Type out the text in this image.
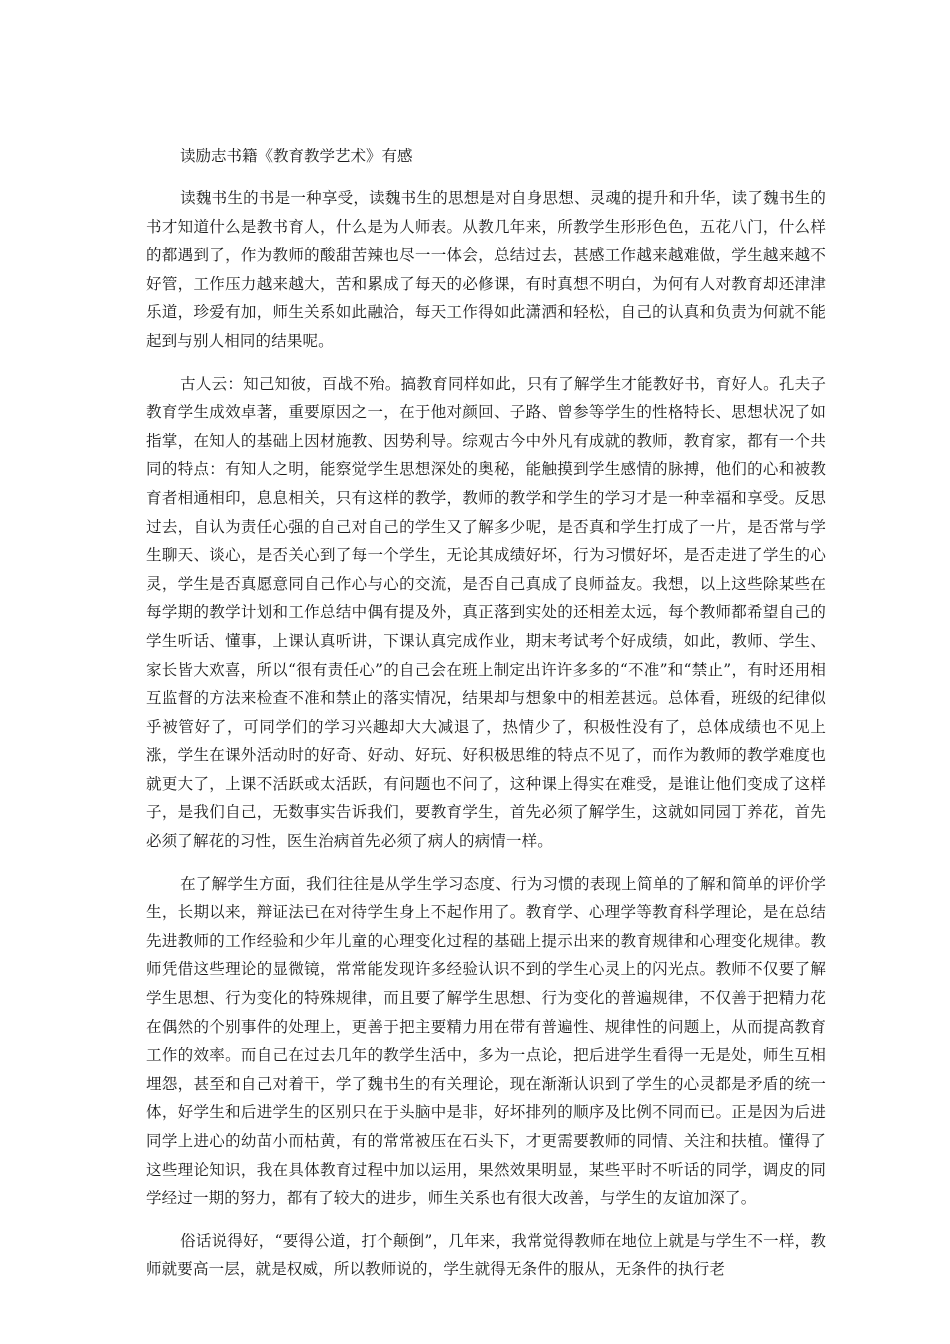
读励志书籍《教育教学艺术》有感

读魏书生的书是一种享受，读魏书生的思想是对自身思想、灵魂的提升和升华，读了魏书生的书才知道什么是教书育人，什么是为人师表。从教几年来，所教学生形形色色，五花八门，什么样的都遇到了，作为教师的酸甜苦辣也尽一一体会，总结过去，甚感工作越来越难做，学生越来越不好管，工作压力越来越大，苦和累成了每天的必修课，有时真想不明白，为何有人对教育却还津津乐道，珍爱有加，师生关系如此融洽，每天工作得如此潇洒和轻松，自己的认真和负责为何就不能起到与别人相同的结果呢。

古人云：知己知彼，百战不殆。搞教育同样如此，只有了解学生才能教好书，育好人。孔夫子教育学生成效卓著，重要原因之一，在于他对颜回、子路、曾参等学生的性格特长、思想状况了如指掌，在知人的基础上因材施教、因势利导。综观古今中外凡有成就的教师，教育家，都有一个共同的特点：有知人之明，能察觉学生思想深处的奥秘，能触摸到学生感情的脉搏，他们的心和被教育者相通相印，息息相关，只有这样的教学，教师的教学和学生的学习才是一种幸福和享受。反思过去，自认为责任心强的自己对自己的学生又了解多少呢，是否真和学生打成了一片，是否常与学生聊天、谈心，是否关心到了每一个学生，无论其成绩好坏，行为习惯好坏，是否走进了学生的心灵，学生是否真愿意同自己作心与心的交流，是否自己真成了良师益友。我想，以上这些除某些在每学期的教学计划和工作总结中偶有提及外，真正落到实处的还相差太远，每个教师都希望自己的学生听话、懂事，上课认真听讲，下课认真完成作业，期末考试考个好成绩，如此，教师、学生、家长皆大欢喜，所以“很有责任心”的自己会在班上制定出许许多多的“不准”和“禁止”，有时还用相互监督的方法来检查不准和禁止的落实情况，结果却与想象中的相差甚远。总体看，班级的纪律似乎被管好了，可同学们的学习兴趣却大大减退了，热情少了，积极性没有了，总体成绩也不见上涨，学生在课外活动时的好奇、好动、好玩、好积极思维的特点不见了，而作为教师的教学难度也就更大了，上课不活跃或太活跃，有问题也不问了，这种课上得实在难受，是谁让他们变成了这样子，是我们自己，无数事实告诉我们，要教育学生，首先必须了解学生，这就如同园丁养花，首先必须了解花的习性，医生治病首先必须了病人的病情一样。

在了解学生方面，我们往往是从学生学习态度、行为习惯的表现上简单的了解和简单的评价学生，长期以来，辩证法已在对待学生身上不起作用了。教育学、心理学等教育科学理论，是在总结先进教师的工作经验和少年儿童的心理变化过程的基础上提示出来的教育规律和心理变化规律。教师凭借这些理论的显微镜，常常能发现许多经验认识不到的学生心灵上的闪光点。教师不仅要了解学生思想、行为变化的特殊规律，而且要了解学生思想、行为变化的普遍规律，不仅善于把精力花在偶然的个别事件的处理上，更善于把主要精力用在带有普遍性、规律性的问题上，从而提高教育工作的效率。而自己在过去几年的教学生活中，多为一点论，把后进学生看得一无是处，师生互相埋怨，甚至和自己对着干，学了魏书生的有关理论，现在渐渐认识到了学生的心灵都是矛盾的统一体，好学生和后进学生的区别只在于头脑中是非，好坏排列的顺序及比例不同而已。正是因为后进同学上进心的幼苗小而枯黄，有的常常被压在石头下，才更需要教师的同情、关注和扶植。懂得了这些理论知识，我在具体教育过程中加以运用，果然效果明显，某些平时不听话的同学，调皮的同学经过一期的努力，都有了较大的进步，师生关系也有很大改善，与学生的友谊加深了。

俗话说得好，“要得公道，打个颠倒”，几年来，我常觉得教师在地位上就是与学生不一样，教师就要高一层，就是权威，所以教师说的，学生就得无条件的服从，无条件的执行老
